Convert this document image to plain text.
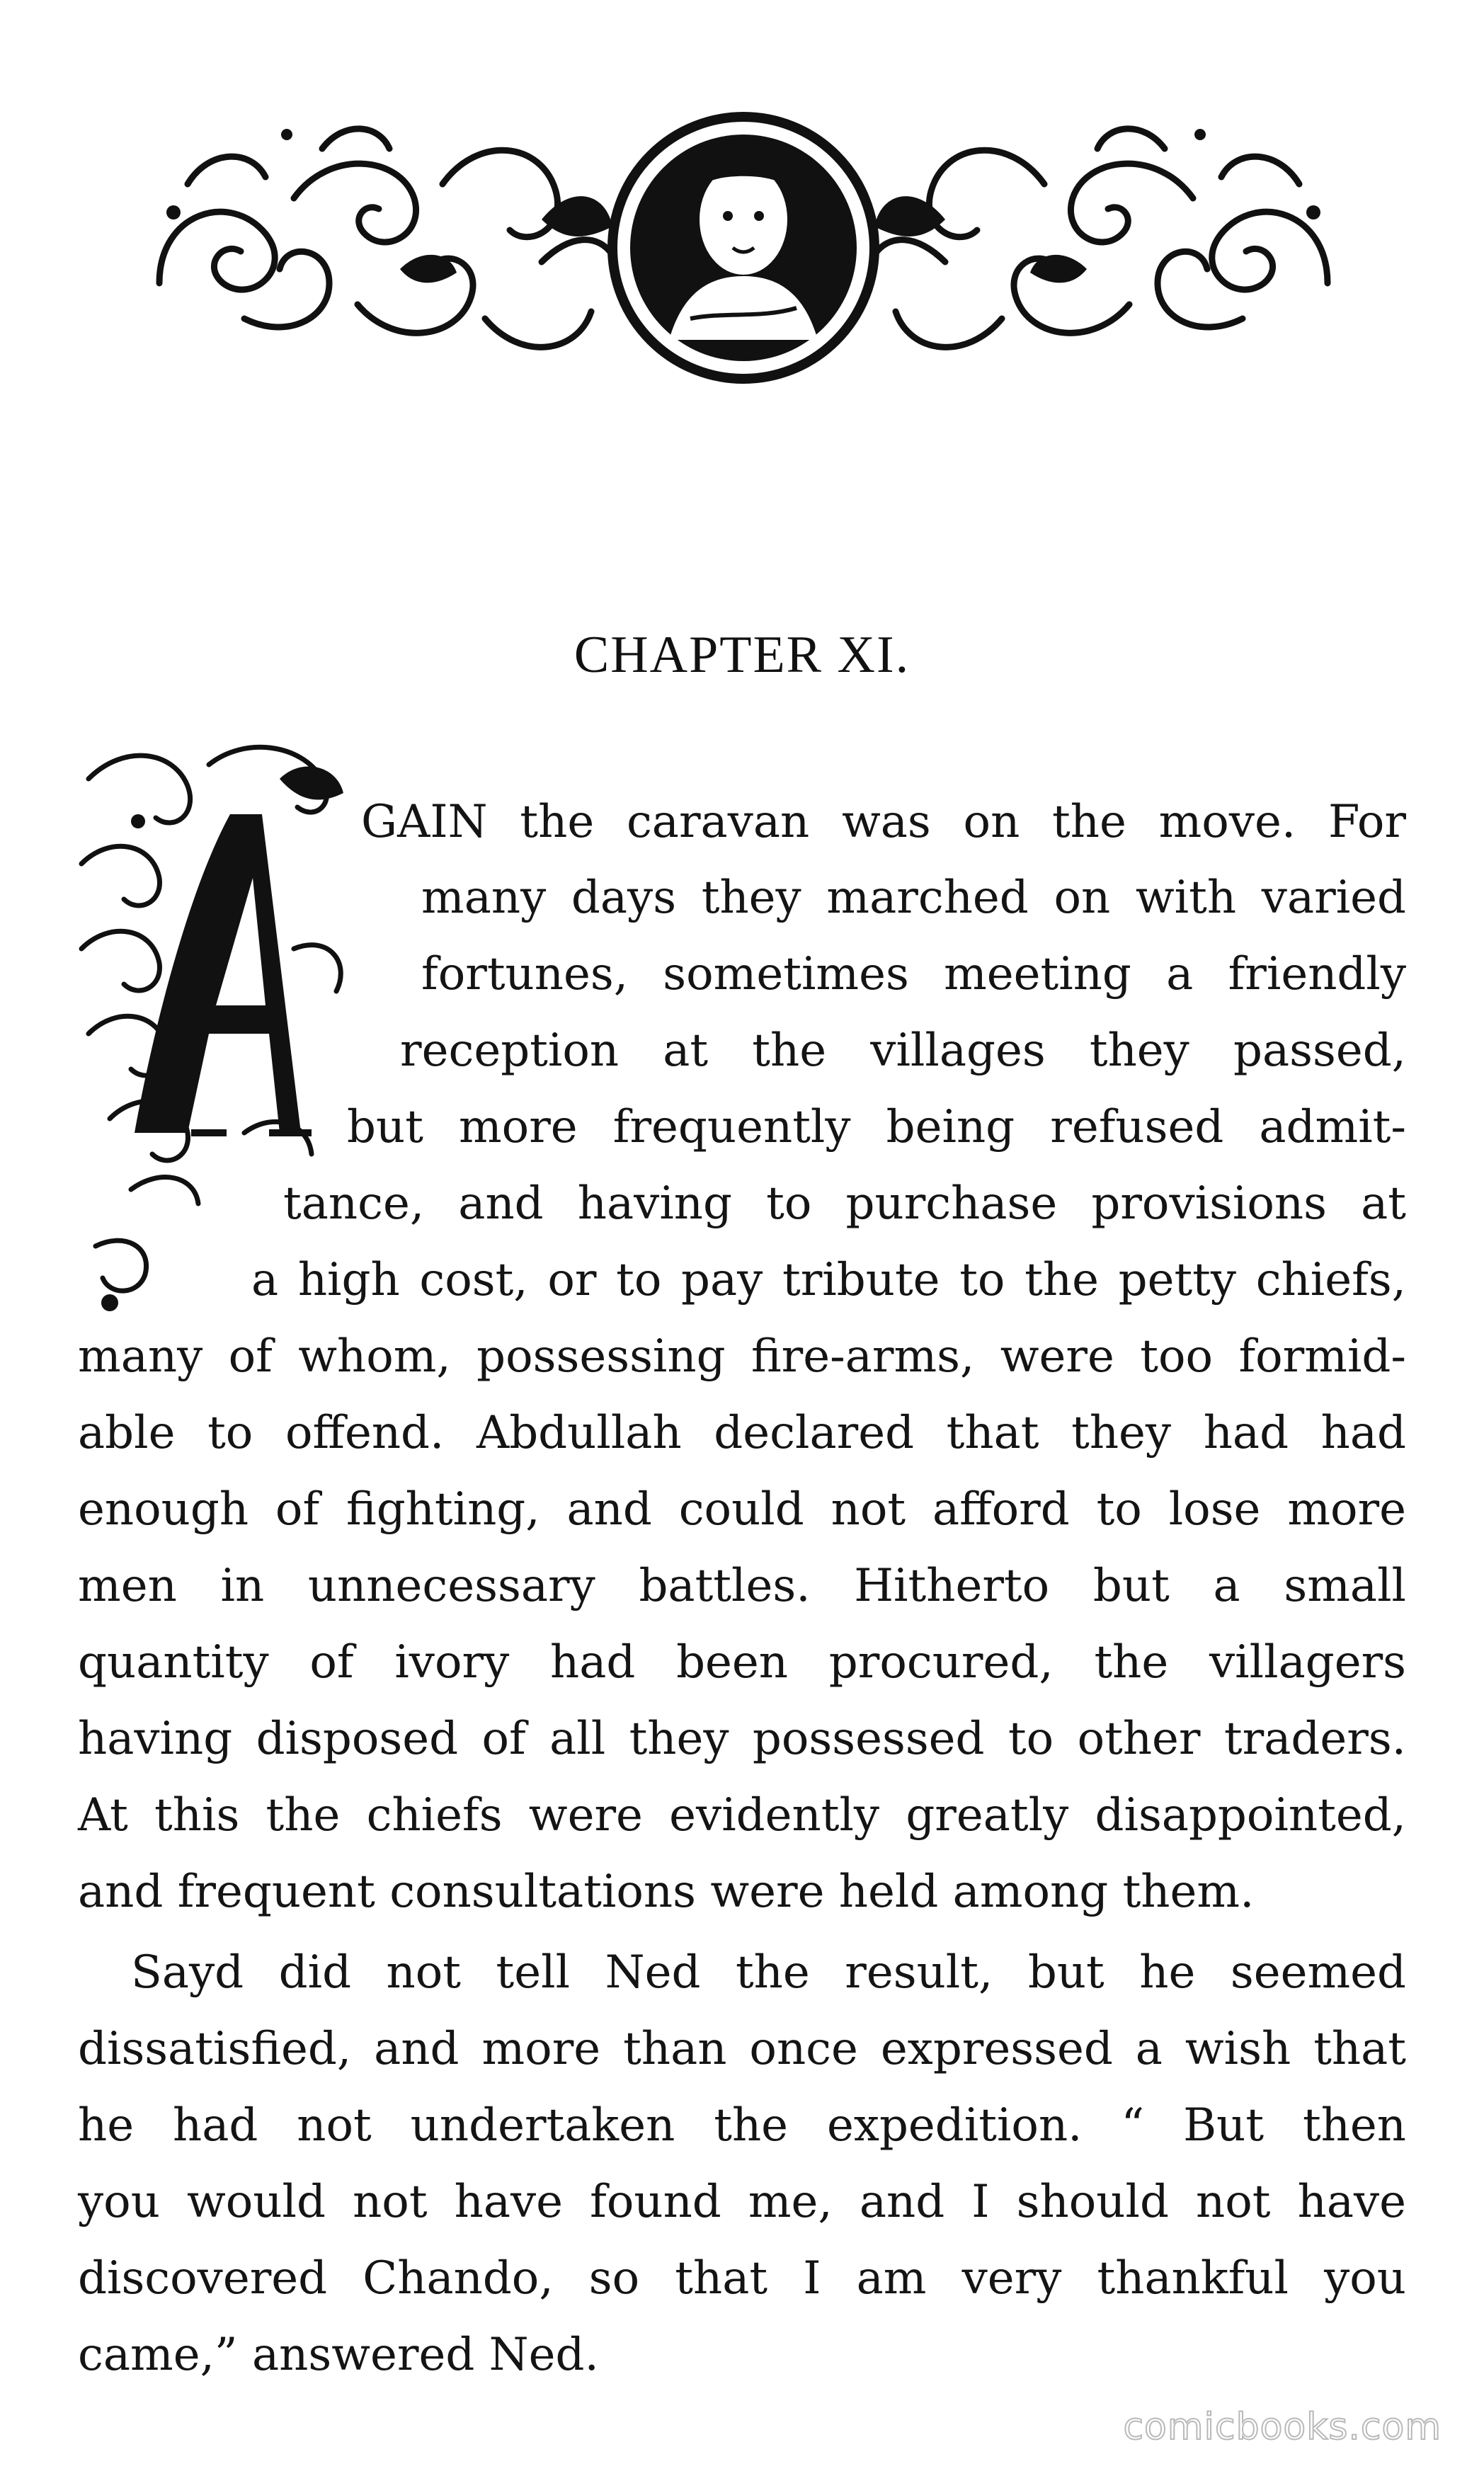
CHAPTER XI.
GAIN the caravan was on the move. For
many days they marched on with varied
fortunes, sometimes meeting a friendly
reception at the villages they passed,
but more frequently being refused admit-
tance, and having to purchase provisions at
a high cost, or to pay tribute to the petty chiefs,
many of whom, possessing fire-arms, were too formid-
able to offend. Abdullah declared that they had had
enough of fighting, and could not afford to lose more
men in unnecessary battles. Hitherto but a small
quantity of ivory had been procured, the villagers
having disposed of all they possessed to other traders.
At this the chiefs were evidently greatly disappointed,
and frequent consultations were held among them.
Sayd did not tell Ned the result, but he seemed
dissatisfied, and more than once expressed a wish that
he had not undertaken the expedition. “ But then
you would not have found me, and I should not have
discovered Chando, so that I am very thankful you
came,” answered Ned.
comicbooks.com
